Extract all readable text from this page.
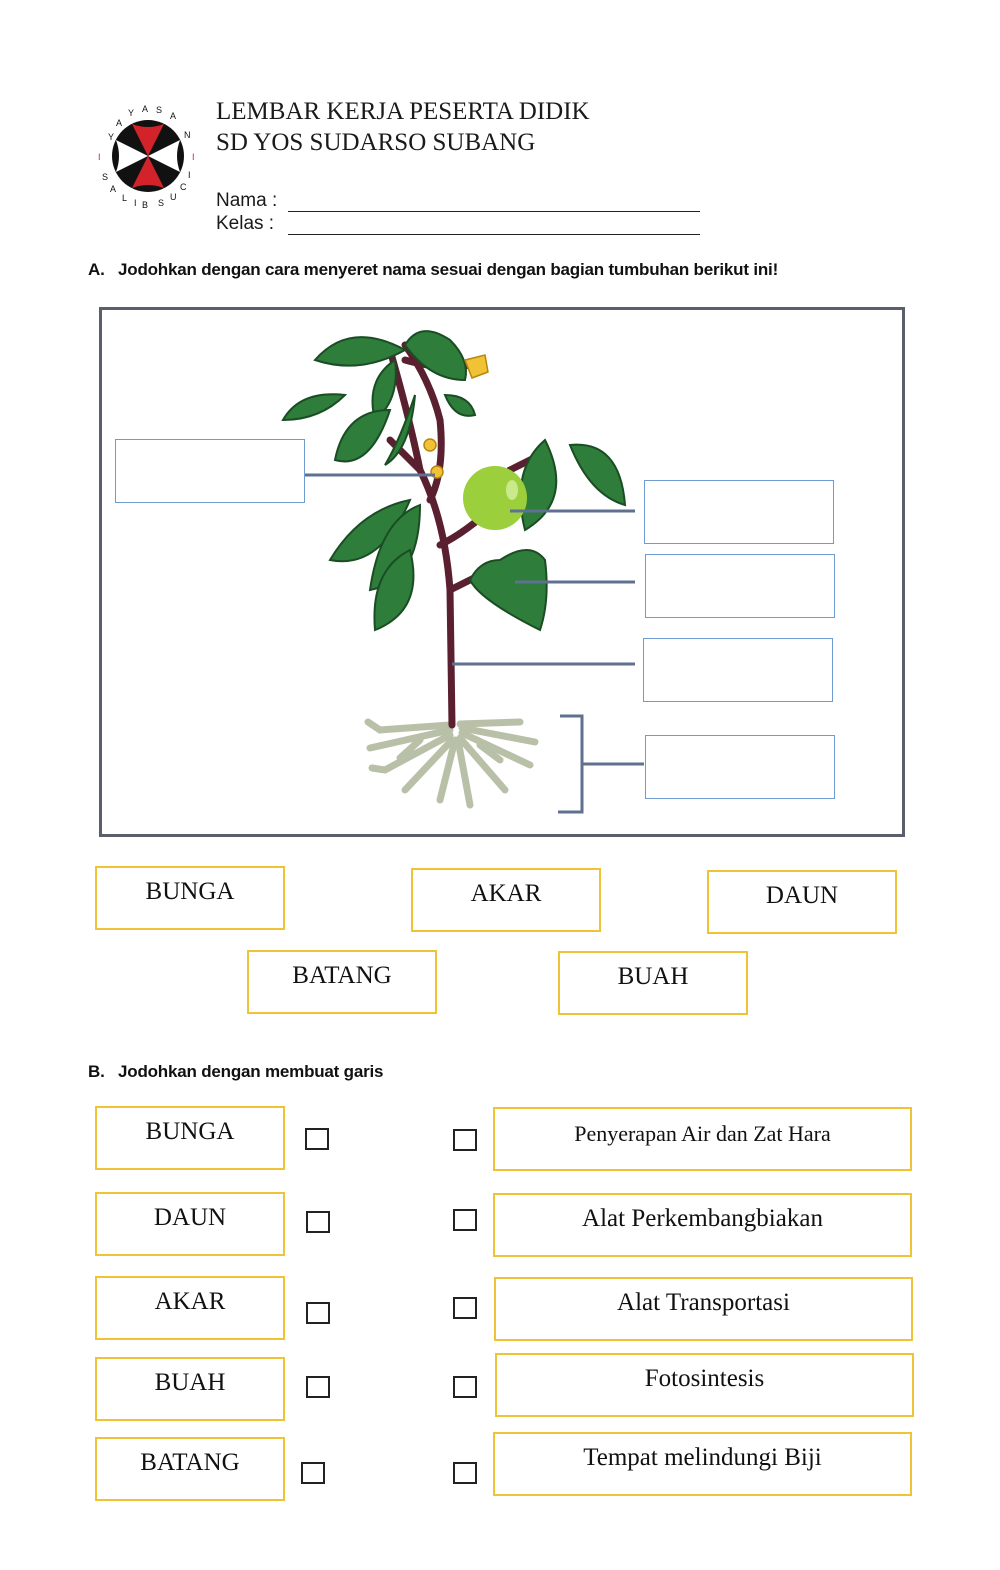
Y
A
Y A S
A
N
S
A
L I B S
U
C
I
I	I
LEMBAR KERJA PESERTA DIDIK
SD YOS SUDARSO SUBANG
Nama :
Kelas :
A. Jodohkan dengan cara menyeret nama sesuai dengan bagian tumbuhan berikut ini!
BUNGA	AKAR	DAUN
BATANG	BUAH
B. Jodohkan dengan membuat garis
BUNGA
DAUN
AKAR
BUAH
BATANG
Penyerapan Air dan Zat Hara
Alat Perkembangbiakan
Alat Transportasi
Fotosintesis
Tempat melindungi Biji
